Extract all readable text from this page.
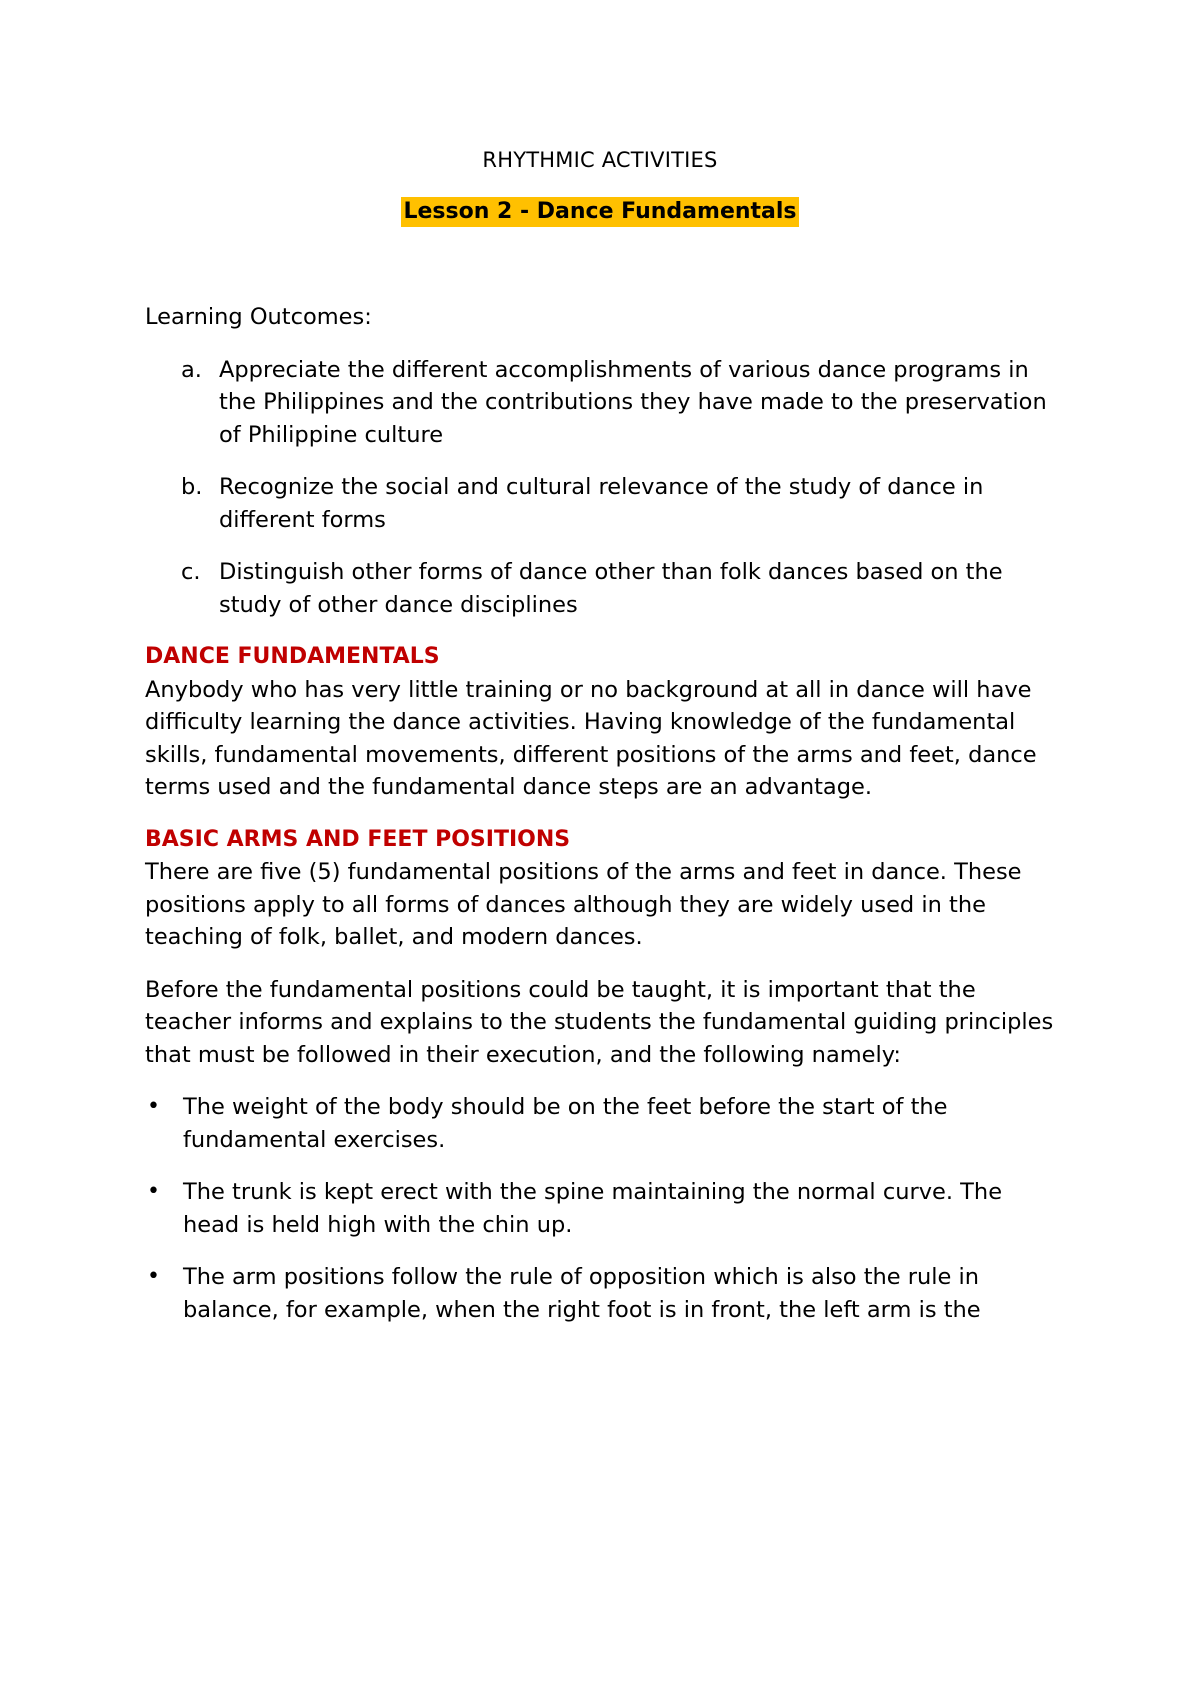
RHYTHMIC ACTIVITIES
Lesson 2 - Dance Fundamentals

Learning Outcomes:

a. Appreciate the different accomplishments of various dance programs in the Philippines and the contributions they have made to the preservation of Philippine culture
b. Recognize the social and cultural relevance of the study of dance in different forms
c. Distinguish other forms of dance other than folk dances based on the study of other dance disciplines
DANCE FUNDAMENTALS

Anybody who has very little training or no background at all in dance will have difficulty learning the dance activities. Having knowledge of the fundamental skills, fundamental movements, different positions of the arms and feet, dance terms used and the fundamental dance steps are an advantage.

BASIC ARMS AND FEET POSITIONS

There are five (5) fundamental positions of the arms and feet in dance. These positions apply to all forms of dances although they are widely used in the teaching of folk, ballet, and modern dances.

Before the fundamental positions could be taught, it is important that the teacher informs and explains to the students the fundamental guiding principles that must be followed in their execution, and the following namely:

•	The weight of the body should be on the feet before the start of the fundamental exercises.
•	The trunk is kept erect with the spine maintaining the normal curve. The head is held high with the chin up.
•	The arm positions follow the rule of opposition which is also the rule in balance, for example, when the right foot is in front, the left arm is the
